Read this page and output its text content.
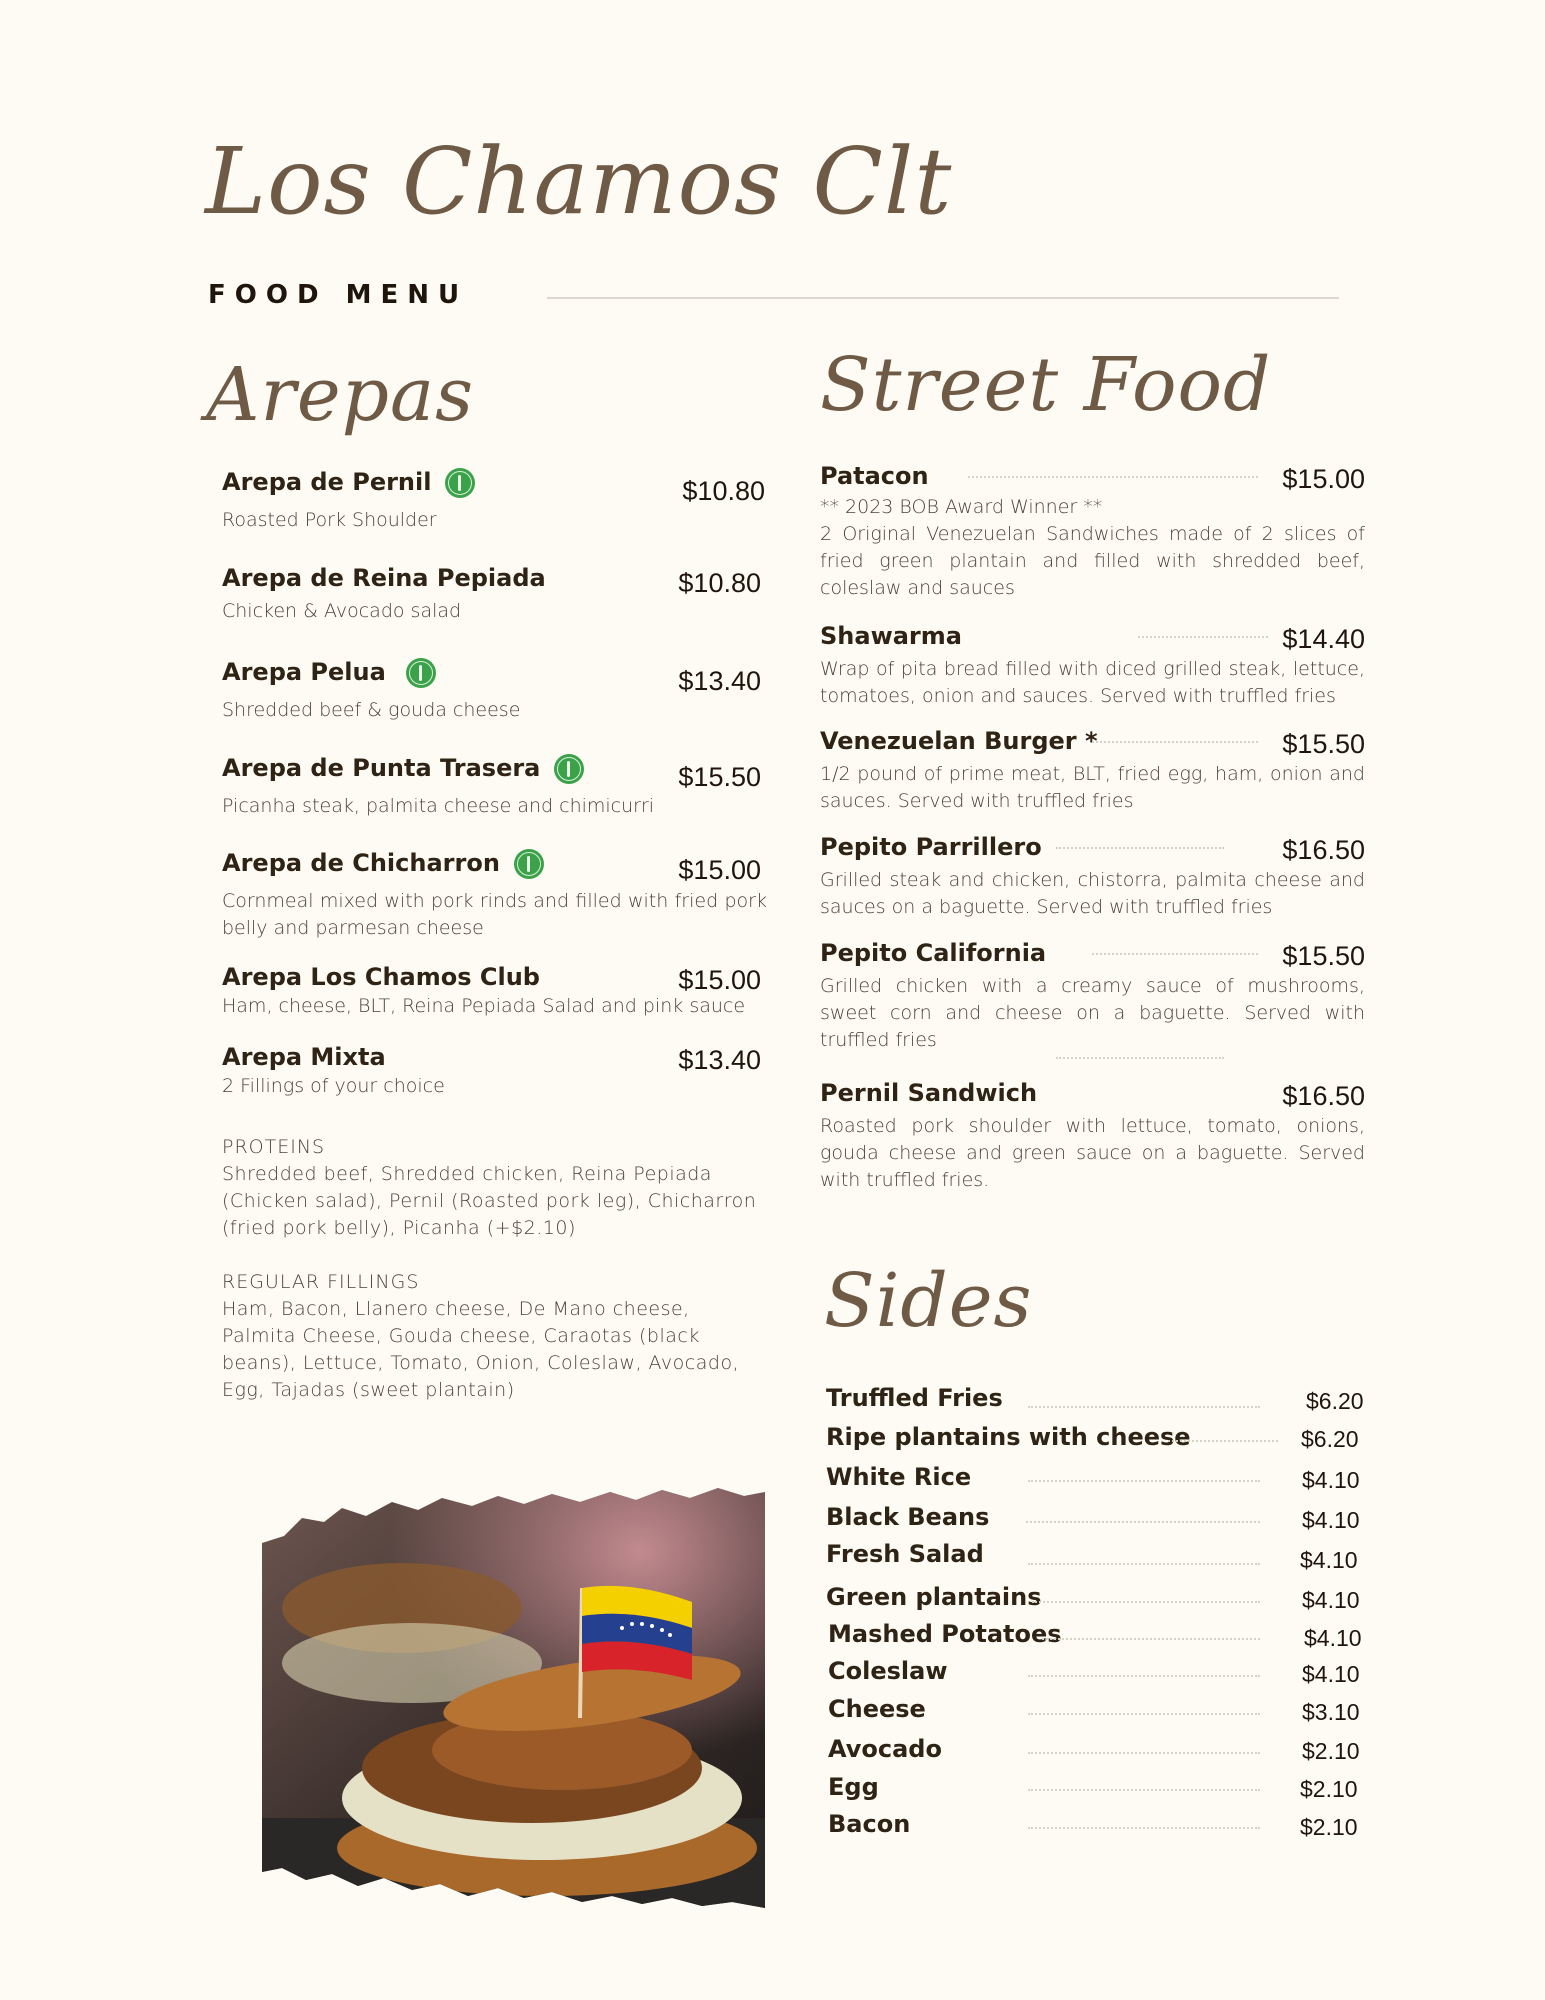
Los Chamos Clt
FOOD MENU
Arepas
Arepa de Pernil	$10.80
Roasted Pork Shoulder
Arepa de Reina Pepiada	$10.80
Chicken & Avocado salad
Arepa Pelua	$13.40
Shredded beef & gouda cheese
Arepa de Punta Trasera	$15.50
Picanha steak, palmita cheese and chimicurri
Arepa de Chicharron	$15.00
Cornmeal mixed with pork rinds and filled with fried pork belly and parmesan cheese
Arepa Los Chamos Club	$15.00
Ham, cheese, BLT, Reina Pepiada Salad and pink sauce
Arepa Mixta	$13.40
2 Fillings of your choice
PROTEINS
Shredded beef, Shredded chicken, Reina Pepiada (Chicken salad), Pernil (Roasted pork leg), Chicharron (fried pork belly), Picanha (+$2.10)
REGULAR FILLINGS
Ham, Bacon, Llanero cheese, De Mano cheese, Palmita Cheese, Gouda cheese, Caraotas (black beans), Lettuce, Tomato, Onion, Coleslaw, Avocado, Egg, Tajadas (sweet plantain)
Street Food
Patacon	$15.00
** 2023 BOB Award Winner **
2 Original Venezuelan Sandwiches made of 2 slices of fried green plantain and filled with shredded beef, coleslaw and sauces
Shawarma	$14.40
Wrap of pita bread filled with diced grilled steak, lettuce, tomatoes, onion and sauces. Served with truffled fries
Venezuelan Burger *	$15.50
1/2 pound of prime meat, BLT, fried egg, ham, onion and sauces. Served with truffled fries
Pepito Parrillero	$16.50
Grilled steak and chicken, chistorra, palmita cheese and sauces on a baguette. Served with truffled fries
Pepito California	$15.50
Grilled chicken with a creamy sauce of mushrooms, sweet corn and cheese on a baguette. Served with truffled fries
Pernil Sandwich	$16.50
Roasted pork shoulder with lettuce, tomato, onions, gouda cheese and green sauce on a baguette. Served with truffled fries.
Sides
Truffled Fries	$6.20
Ripe plantains with cheese	$6.20
White Rice	$4.10
Black Beans	$4.10
Fresh Salad	$4.10
Green plantains	$4.10
Mashed Potatoes	$4.10
Coleslaw	$4.10
Cheese	$3.10
Avocado	$2.10
Egg	$2.10
Bacon	$2.10
